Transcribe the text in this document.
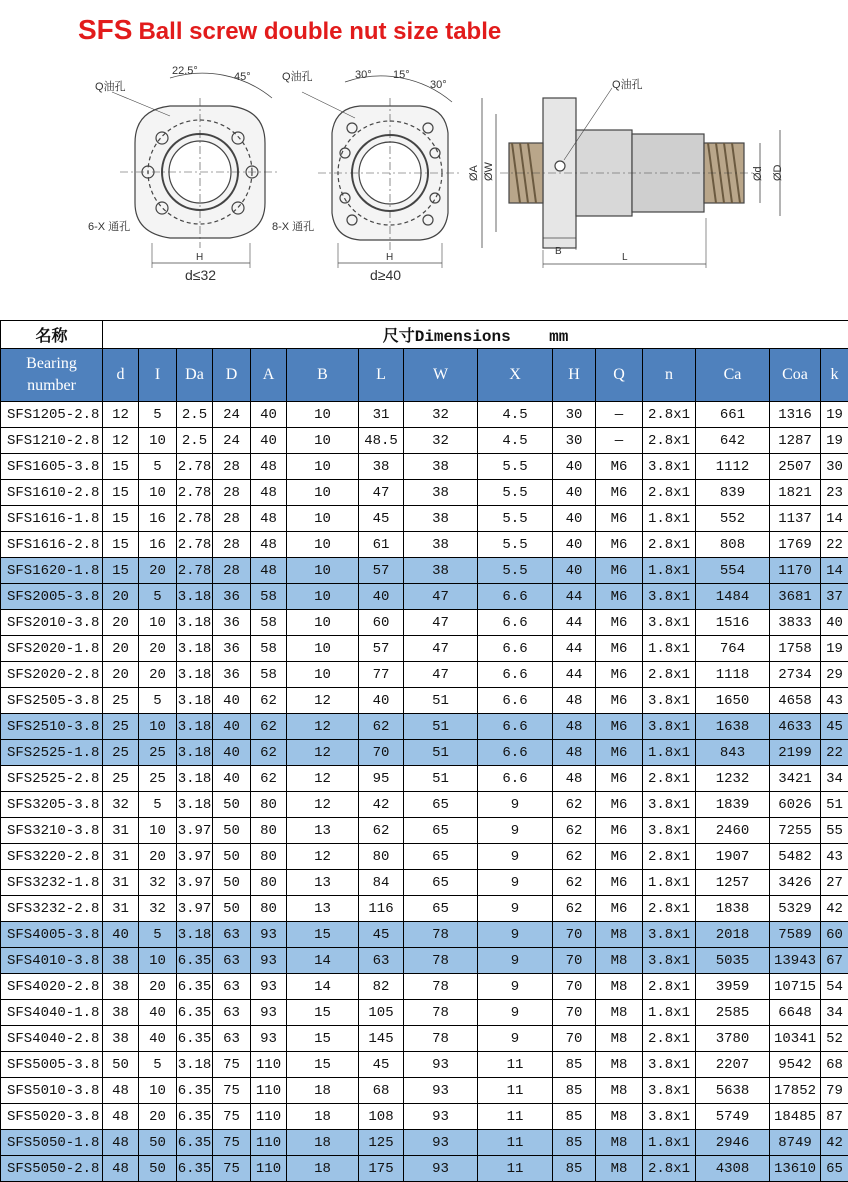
SFS Ball screw double nut size table
22.5°	45°
Q油孔
6-X 通孔
H
d≤32
30° 15°
30°
Q油孔
8-X 通孔
H
d≥40
Q油孔
ØA ØW	Ød ØD
B
L
名称	尺寸Dimensions    mm														
Bearing number	d	I	Da	D	A	B	L	W	X	H	Q	n	Ca	Coa	k
SFS1205-2.8	12	5	2.5	24	40	10	31	32	4.5	30	—	2.8x1	661	1316	19
SFS1210-2.8	12	10	2.5	24	40	10	48.5	32	4.5	30	—	2.8x1	642	1287	19
SFS1605-3.8	15	5	2.78	28	48	10	38	38	5.5	40	M6	3.8x1	1112	2507	30
SFS1610-2.8	15	10	2.78	28	48	10	47	38	5.5	40	M6	2.8x1	839	1821	23
SFS1616-1.8	15	16	2.78	28	48	10	45	38	5.5	40	M6	1.8x1	552	1137	14
SFS1616-2.8	15	16	2.78	28	48	10	61	38	5.5	40	M6	2.8x1	808	1769	22
SFS1620-1.8	15	20	2.78	28	48	10	57	38	5.5	40	M6	1.8x1	554	1170	14
SFS2005-3.8	20	5	3.18	36	58	10	40	47	6.6	44	M6	3.8x1	1484	3681	37
SFS2010-3.8	20	10	3.18	36	58	10	60	47	6.6	44	M6	3.8x1	1516	3833	40
SFS2020-1.8	20	20	3.18	36	58	10	57	47	6.6	44	M6	1.8x1	764	1758	19
SFS2020-2.8	20	20	3.18	36	58	10	77	47	6.6	44	M6	2.8x1	1118	2734	29
SFS2505-3.8	25	5	3.18	40	62	12	40	51	6.6	48	M6	3.8x1	1650	4658	43
SFS2510-3.8	25	10	3.18	40	62	12	62	51	6.6	48	M6	3.8x1	1638	4633	45
SFS2525-1.8	25	25	3.18	40	62	12	70	51	6.6	48	M6	1.8x1	843	2199	22
SFS2525-2.8	25	25	3.18	40	62	12	95	51	6.6	48	M6	2.8x1	1232	3421	34
SFS3205-3.8	32	5	3.18	50	80	12	42	65	9	62	M6	3.8x1	1839	6026	51
SFS3210-3.8	31	10	3.97	50	80	13	62	65	9	62	M6	3.8x1	2460	7255	55
SFS3220-2.8	31	20	3.97	50	80	12	80	65	9	62	M6	2.8x1	1907	5482	43
SFS3232-1.8	31	32	3.97	50	80	13	84	65	9	62	M6	1.8x1	1257	3426	27
SFS3232-2.8	31	32	3.97	50	80	13	116	65	9	62	M6	2.8x1	1838	5329	42
SFS4005-3.8	40	5	3.18	63	93	15	45	78	9	70	M8	3.8x1	2018	7589	60
SFS4010-3.8	38	10	6.35	63	93	14	63	78	9	70	M8	3.8x1	5035	13943	67
SFS4020-2.8	38	20	6.35	63	93	14	82	78	9	70	M8	2.8x1	3959	10715	54
SFS4040-1.8	38	40	6.35	63	93	15	105	78	9	70	M8	1.8x1	2585	6648	34
SFS4040-2.8	38	40	6.35	63	93	15	145	78	9	70	M8	2.8x1	3780	10341	52
SFS5005-3.8	50	5	3.18	75	110	15	45	93	11	85	M8	3.8x1	2207	9542	68
SFS5010-3.8	48	10	6.35	75	110	18	68	93	11	85	M8	3.8x1	5638	17852	79
SFS5020-3.8	48	20	6.35	75	110	18	108	93	11	85	M8	3.8x1	5749	18485	87
SFS5050-1.8	48	50	6.35	75	110	18	125	93	11	85	M8	1.8x1	2946	8749	42
SFS5050-2.8	48	50	6.35	75	110	18	175	93	11	85	M8	2.8x1	4308	13610	65
